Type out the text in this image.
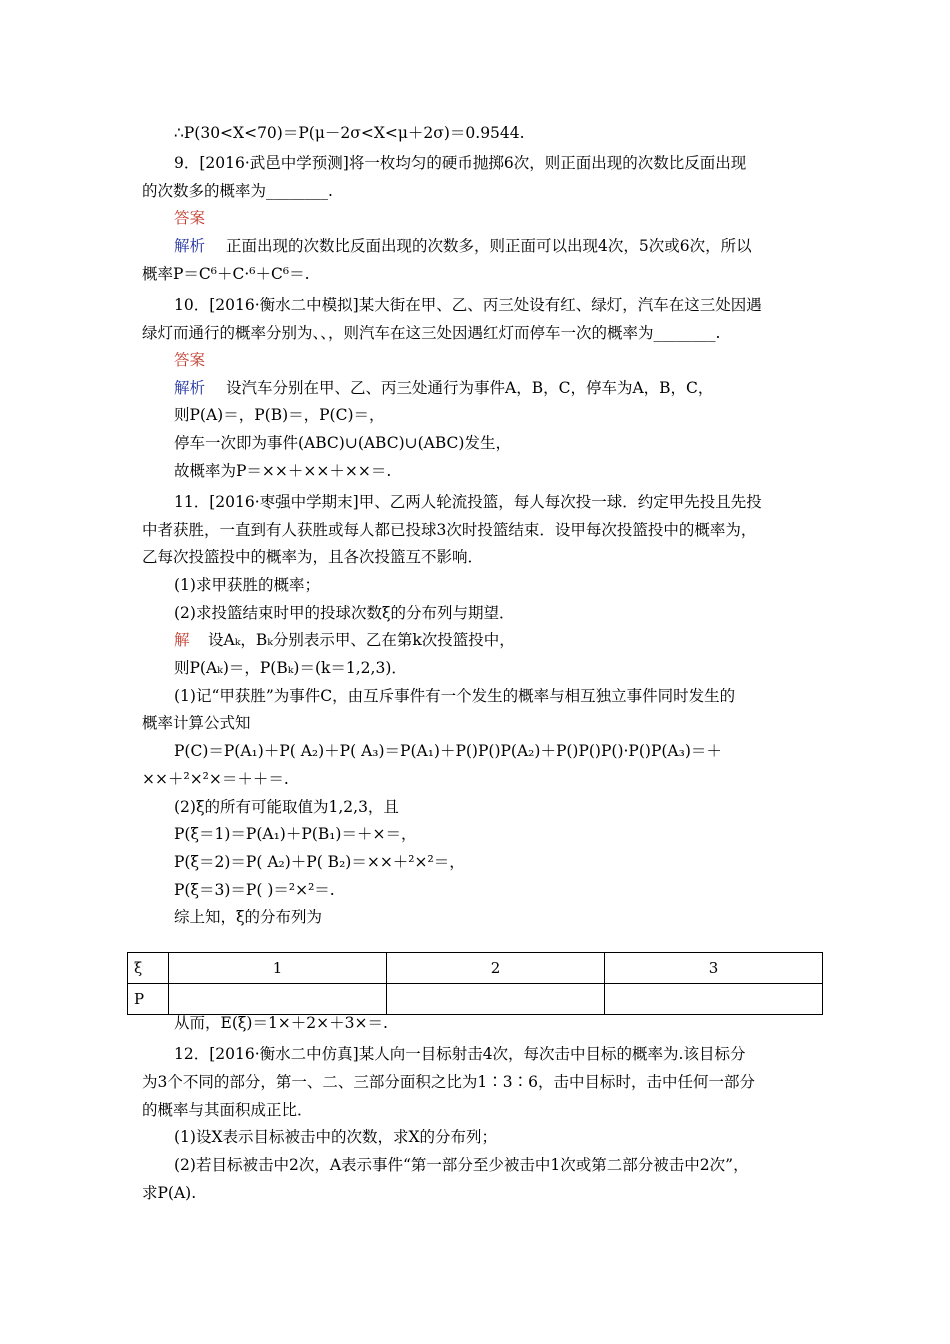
∴P(30<X<70)＝P(μ－2σ<X<μ＋2σ)＝0.9544.
9．[2016·武邑中学预测]将一枚均匀的硬币抛掷6次，则正面出现的次数比反面出现
的次数多的概率为________.
答案
解析 正面出现的次数比反面出现的次数多，则正面可以出现4次，5次或6次，所以
概率P＝C⁶＋C·⁶＋C⁶＝.
10．[2016·衡水二中模拟]某大街在甲、乙、丙三处设有红、绿灯，汽车在这三处因遇
绿灯而通行的概率分别为、、，则汽车在这三处因遇红灯而停车一次的概率为________.
答案
解析 设汽车分别在甲、乙、丙三处通行为事件A，B，C，停车为A，B，C，
则P(A)＝，P(B)＝，P(C)＝，
停车一次即为事件(ABC)∪(ABC)∪(ABC)发生，
故概率为P＝××＋××＋××＝.
11．[2016·枣强中学期末]甲、乙两人轮流投篮，每人每次投一球．约定甲先投且先投
中者获胜，一直到有人获胜或每人都已投球3次时投篮结束．设甲每次投篮投中的概率为，
乙每次投篮投中的概率为，且各次投篮互不影响．
(1)求甲获胜的概率；
(2)求投篮结束时甲的投球次数ξ的分布列与期望．
解 设Aₖ，Bₖ分别表示甲、乙在第k次投篮投中，
则P(Aₖ)＝，P(Bₖ)＝(k＝1,2,3)．
(1)记“甲获胜”为事件C，由互斥事件有一个发生的概率与相互独立事件同时发生的
概率计算公式知
P(C)＝P(A₁)＋P( A₂)＋P( A₃)＝P(A₁)＋P()P()P(A₂)＋P()P()P()·P()P(A₃)＝＋
××＋²×²×＝＋＋＝.
(2)ξ的所有可能取值为1,2,3，且
P(ξ＝1)＝P(A₁)＋P(B₁)＝＋×＝，
P(ξ＝2)＝P( A₂)＋P( B₂)＝××＋²×²＝，
P(ξ＝3)＝P( )＝²×²＝.
综上知，ξ的分布列为
ξ	1	2	3
P			
从而，E(ξ)＝1×＋2×＋3×＝.
12．[2016·衡水二中仿真]某人向一目标射击4次，每次击中目标的概率为.该目标分
为3个不同的部分，第一、二、三部分面积之比为1∶3∶6，击中目标时，击中任何一部分
的概率与其面积成正比．
(1)设X表示目标被击中的次数，求X的分布列；
(2)若目标被击中2次，A表示事件“第一部分至少被击中1次或第二部分被击中2次”，
求P(A).
